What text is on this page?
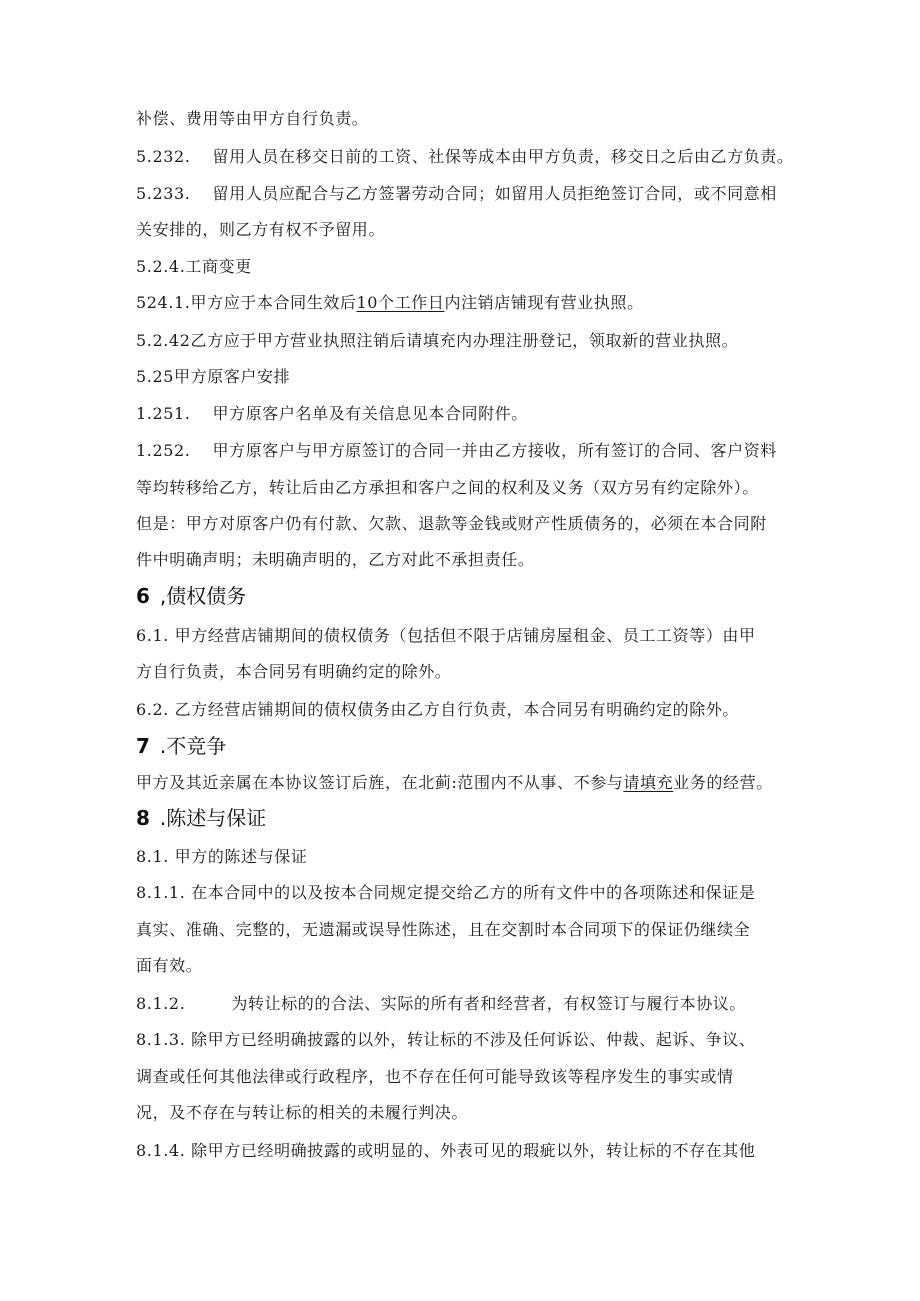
补偿、费用等由甲方自行负责。
5.232. 留用人员在移交日前的工资、社保等成本由甲方负责，移交日之后由乙方负责。
5.233. 留用人员应配合与乙方签署劳动合同；如留用人员拒绝签订合同，或不同意相
关安排的，则乙方有权不予留用。
5.2.4.工商变更
524.1.甲方应于本合同生效后10个工作日内注销店铺现有营业执照。
5.2.42乙方应于甲方营业执照注销后请填充内办理注册登记，领取新的营业执照。
5.25甲方原客户安排
1.251. 甲方原客户名单及有关信息见本合同附件。
1.252. 甲方原客户与甲方原签订的合同一并由乙方接收，所有签订的合同、客户资料
等均转移给乙方，转让后由乙方承担和客户之间的权利及义务（双方另有约定除外）。
但是：甲方对原客户仍有付款、欠款、退款等金钱或财产性质债务的，必须在本合同附
件中明确声明；未明确声明的，乙方对此不承担责任。
6 ,债权债务
6.1. 甲方经营店铺期间的债权债务（包括但不限于店铺房屋租金、员工工资等）由甲
方自行负责，本合同另有明确约定的除外。
6.2. 乙方经营店铺期间的债权债务由乙方自行负责，本合同另有明确约定的除外。
7 .不竞争
甲方及其近亲属在本协议签订后旌，在北蓟:范围内不从事、不参与请填充业务的经营。
8 .陈述与保证
8.1. 甲方的陈述与保证
8.1.1. 在本合同中的以及按本合同规定提交给乙方的所有文件中的各项陈述和保证是
真实、准确、完整的，无遗漏或误导性陈述，且在交割时本合同项下的保证仍继续全
面有效。
8.1.2.	为转让标的的合法、实际的所有者和经营者，有权签订与履行本协议。
8.1.3. 除甲方已经明确披露的以外，转让标的不涉及任何诉讼、仲裁、起诉、争议、
调查或任何其他法律或行政程序，也不存在任何可能导致该等程序发生的事实或情
况，及不存在与转让标的相关的未履行判决。
8.1.4. 除甲方已经明确披露的或明显的、外表可见的瑕疵以外，转让标的不存在其他
